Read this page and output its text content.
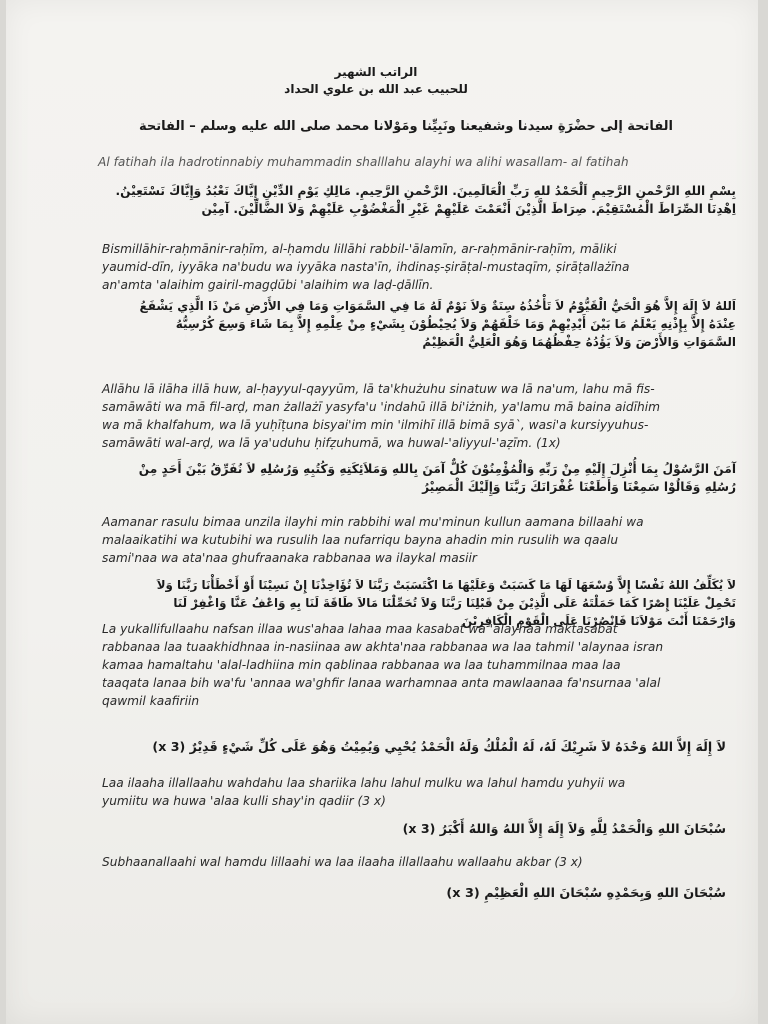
الراتب الشهير
للحبيب عبد الله بن علوي الحداد
الفاتحة إلى حضْرَةِ سيدنا وشفيعنا ونَبِيِّنا ومَوْلانا محمد صلى الله عليه وسلم – الفاتحة
Al fatihah ila hadrotinnabiy muhammadin shalllahu alayhi wa alihi wasallam- al fatihah
بِسْمِ اللهِ الرَّحْمنِ الرَّحِيمِ اَلْحَمْدُ للهِ رَبِّ الْعَالَمِينَ. الرَّحْمنِ الرَّحِيمِ. مَالِكِ يَوْمِ الدِّيْنِ إِيَّاكَ نَعْبُدُ وَإِيَّاكَ نَسْتَعِيْنُ.
اِهْدِنَا الصِّرَاطَ الْمُسْتَقِيْمَ. صِرَاطَ الَّذِيْنَ أَنْعَمْتَ عَلَيْهِمْ غَيْرِ الْمَغْضُوْبِ عَلَيْهِمْ وَلاَ الضَّالِّيْنَ. آمِيْن
Bismillāhir-raḥmānir-raḥīm, al-ḥamdu lillāhi rabbil-'ālamīn, ar-raḥmānir-raḥīm, māliki
yaumid-dīn, iyyāka na'budu wa iyyāka nasta'īn, ihdinaṣ-ṣirāṭal-mustaqīm, ṣirāṭallażīna
an'amta 'alaihim gairil-magḍūbi 'alaihim wa laḍ-ḍāllīn.
اَللهُ لاَ إِلَهَ إِلاَّ هُوَ الْحَيُّ الْقَيُّوْمُ لاَ تَأْخُذُهُ سِنَةٌ وَلاَ نَوْمٌ لَهُ مَا فِي السَّمَوَاتِ وَمَا فِي الأَرْضِ مَنْ ذَا الَّذِي يَشْفَعُ
عِنْدَهُ إِلاَّ بِإِذْنِهِ يَعْلَمُ مَا بَيْنَ أَيْدِيْهِمْ وَمَا خَلْفَهُمْ وَلاَ يُحِيْطُوْنَ بِشَيْءٍ مِنْ عِلْمِهِ إِلاَّ بِمَا شَاءَ وَسِعَ كُرْسِيُّهُ
السَّمَوَاتِ وَالأَرْضَ وَلاَ يَؤُدُهُ حِفْظُهُمَا وَهُوَ الْعَلِيُّ الْعَظِيْمُ
Allāhu lā ilāha illā huw, al-ḥayyul-qayyūm, lā ta'khużuhu sinatuw wa lā na'um, lahu mā fis-
samāwāti wa mā fil-arḍ, man żallażī yasyfa'u 'indahū illā bi'iżnih, ya'lamu mā baina aidīhim
wa mā khalfahum, wa lā yuḥīṭuna bisyai'im min 'ilmihī illā bimā syā`, wasi'a kursiyyuhus-
samāwāti wal-arḍ, wa lā ya'uduhu ḥifẓuhumā, wa huwal-'aliyyul-'aẓīm. (1x)
آمَنَ الرَّسُوْلُ بِمَا أُنْزِلَ إِلَيْهِ مِنْ رَبِّهِ وَالْمُؤْمِنُوْنَ كُلٌّ آمَنَ بِاللهِ وَمَلاَئِكَتِهِ وَكُتُبِهِ وَرُسُلِهِ لاَ نُفَرِّقُ بَيْنَ أَحَدٍ مِنْ
رُسُلِهِ وَقَالُوْا سَمِعْنَا وَأَطَعْنَا غُفْرَانَكَ رَبَّنَا وَإِلَيْكَ الْمَصِيْرُ
Aamanar rasulu bimaa unzila ilayhi min rabbihi wal mu'minun kullun aamana billaahi wa
malaaikatihi wa kutubihi wa rusulih laa nufarriqu bayna ahadin min rusulih wa qaalu
sami'naa wa ata'naa ghufraanaka rabbanaa wa ilaykal masiir
لاَ يُكَلِّفُ اللهُ نَفْسًا إِلاَّ وُسْعَهَا لَهَا مَا كَسَبَتْ وَعَلَيْهَا مَا اكْتَسَبَتْ رَبَّنَا لاَ تُؤَاخِذْنَا إِنْ نَسِيْنَا أَوْ أَخْطَأْنَا رَبَّنَا وَلاَ
تَحْمِلْ عَلَيْنَا إِصْرًا كَمَا حَمَلْتَهُ عَلَى الَّذِيْنَ مِنْ قَبْلِنَا رَبَّنَا وَلاَ تُحَمِّلْنَا مَالاَ طَاقَةَ لَنَا بِهِ وَاعْفُ عَنَّا وَاغْفِرْ لَنَا
وَارْحَمْنَا أَنْتَ مَوْلاَنَا فَانْصُرْنَا عَلَى الْقَوْمِ الْكَافِرِيْنَ
La yukallifullaahu nafsan illaa wus'ahaa lahaa maa kasabat wa 'alayhaa maktasabat
rabbanaa laa tuaakhidhnaa in-nasiinaa aw akhta'naa rabbanaa wa laa tahmil 'alaynaa isran
kamaa hamaltahu 'alal-ladhiina min qablinaa rabbanaa wa laa tuhammilnaa maa laa
taaqata lanaa bih wa'fu 'annaa wa'ghfir lanaa warhamnaa anta mawlaanaa fa'nsurnaa 'alal
qawmil kaafiriin
لاَ إِلَهَ إِلاَّ اللهُ وَحْدَهُ لاَ شَرِيْكَ لَهُ، لَهُ الْمُلْكُ وَلَهُ الْحَمْدُ يُحْيِي وَيُمِيْتُ وَهُوَ عَلَى كُلِّ شَيْءٍ قَدِيْرٌ (3 x)
Laa ilaaha illallaahu wahdahu laa shariika lahu lahul mulku wa lahul hamdu yuhyii wa
yumiitu wa huwa 'alaa kulli shay'in qadiir (3 x)
سُبْحَانَ اللهِ وَالْحَمْدُ لِلَّهِ وَلاَ إِلَهَ إِلاَّ اللهُ وَاللهُ أَكْبَرُ (3 x)
Subhaanallaahi wal hamdu lillaahi wa laa ilaaha illallaahu wallaahu akbar (3 x)
سُبْحَانَ اللهِ وَبِحَمْدِهِ سُبْحَانَ اللهِ الْعَظِيْمِ (3 x)
